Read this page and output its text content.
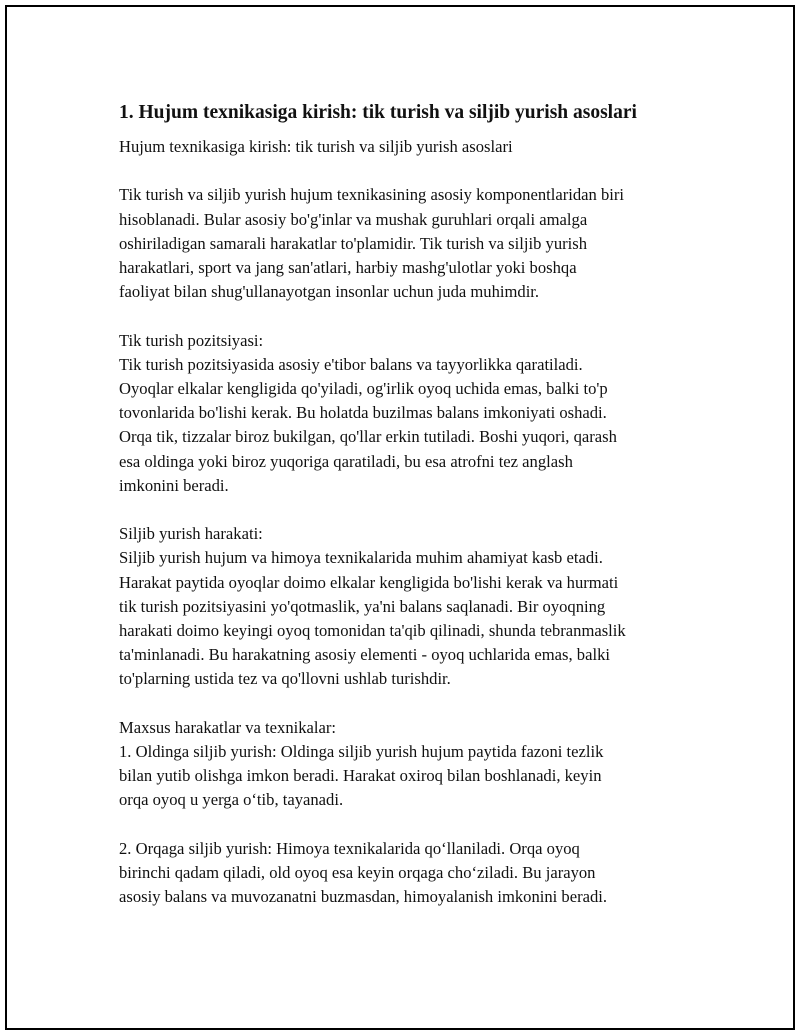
1. Hujum texnikasiga kirish: tik turish va siljib yurish asoslari

Hujum texnikasiga kirish: tik turish va siljib yurish asoslari

Tik turish va siljib yurish hujum texnikasining asosiy komponentlaridan biri
hisoblanadi. Bular asosiy bo'g'inlar va mushak guruhlari orqali amalga
oshiriladigan samarali harakatlar to'plamidir. Tik turish va siljib yurish
harakatlari, sport va jang san'atlari, harbiy mashg'ulotlar yoki boshqa
faoliyat bilan shug'ullanayotgan insonlar uchun juda muhimdir.

Tik turish pozitsiyasi:
Tik turish pozitsiyasida asosiy e'tibor balans va tayyorlikka qaratiladi.
Oyoqlar elkalar kengligida qo'yiladi, og'irlik oyoq uchida emas, balki to'p
tovonlarida bo'lishi kerak. Bu holatda buzilmas balans imkoniyati oshadi.
Orqa tik, tizzalar biroz bukilgan, qo'llar erkin tutiladi. Boshi yuqori, qarash
esa oldinga yoki biroz yuqoriga qaratiladi, bu esa atrofni tez anglash
imkonini beradi.

Siljib yurish harakati:
Siljib yurish hujum va himoya texnikalarida muhim ahamiyat kasb etadi.
Harakat paytida oyoqlar doimo elkalar kengligida bo'lishi kerak va hurmati
tik turish pozitsiyasini yo'qotmaslik, ya'ni balans saqlanadi. Bir oyoqning
harakati doimo keyingi oyoq tomonidan ta'qib qilinadi, shunda tebranmaslik
ta'minlanadi. Bu harakatning asosiy elementi - oyoq uchlarida emas, balki
to'plarning ustida tez va qo'llovni ushlab turishdir.

Maxsus harakatlar va texnikalar:
1. Oldinga siljib yurish: Oldinga siljib yurish hujum paytida fazoni tezlik
bilan yutib olishga imkon beradi. Harakat oxiroq bilan boshlanadi, keyin
orqa oyoq u yerga o‘tib, tayanadi.

2. Orqaga siljib yurish: Himoya texnikalarida qo‘llaniladi. Orqa oyoq
birinchi qadam qiladi, old oyoq esa keyin orqaga cho‘ziladi. Bu jarayon
asosiy balans va muvozanatni buzmasdan, himoyalanish imkonini beradi.
